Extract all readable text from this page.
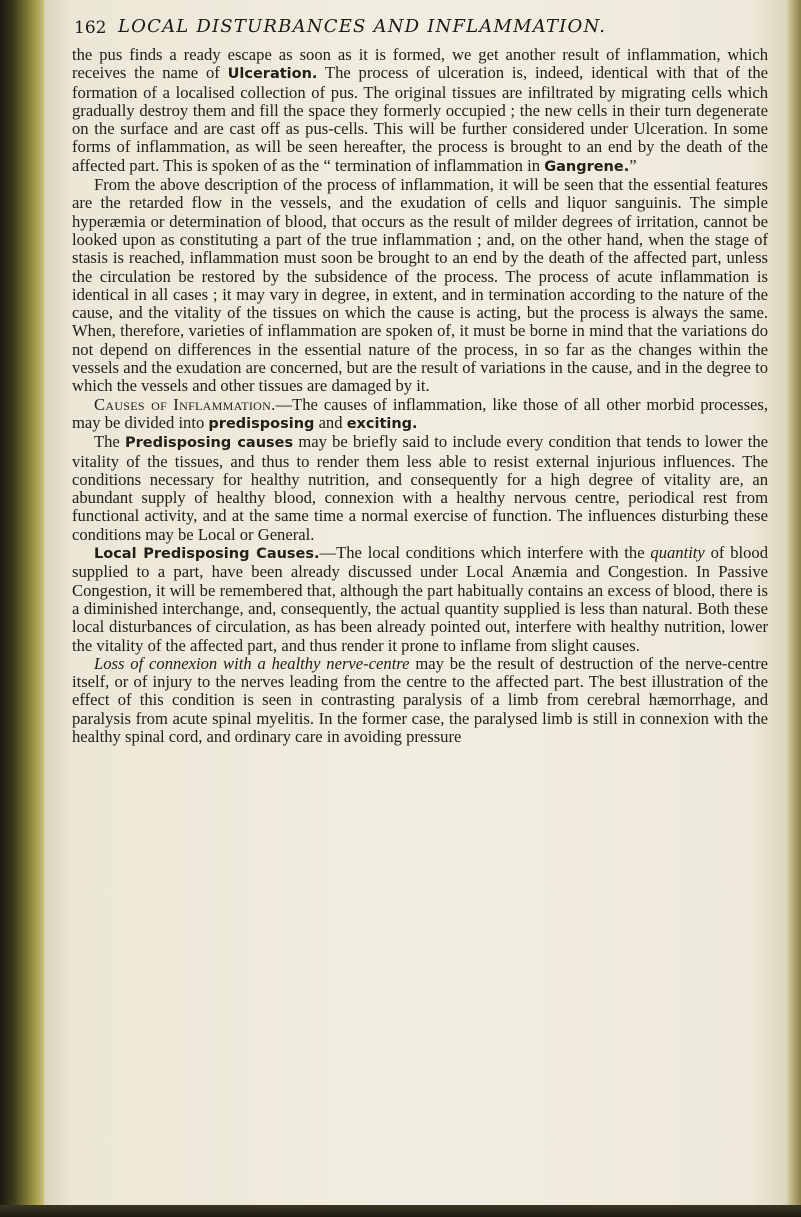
162 LOCAL DISTURBANCES AND INFLAMMATION.

the pus finds a ready escape as soon as it is formed, we get another result of inflammation, which receives the name of Ulceration. The process of ulceration is, indeed, identical with that of the formation of a localised collection of pus. The original tissues are infiltrated by migrating cells which gradually destroy them and fill the space they formerly occupied ; the new cells in their turn degenerate on the surface and are cast off as pus-cells. This will be further considered under Ulceration. In some forms of inflammation, as will be seen hereafter, the process is brought to an end by the death of the affected part. This is spoken of as the “ termination of inflammation in Gangrene.”

From the above description of the process of inflammation, it will be seen that the essential features are the retarded flow in the vessels, and the exudation of cells and liquor sanguinis. The simple hyperæmia or determination of blood, that occurs as the result of milder degrees of irritation, cannot be looked upon as constituting a part of the true inflammation ; and, on the other hand, when the stage of stasis is reached, inflammation must soon be brought to an end by the death of the affected part, unless the circulation be restored by the subsidence of the process. The process of acute inflammation is identical in all cases ; it may vary in degree, in extent, and in termination according to the nature of the cause, and the vitality of the tissues on which the cause is acting, but the process is always the same. When, therefore, varieties of inflammation are spoken of, it must be borne in mind that the variations do not depend on differences in the essential nature of the process, in so far as the changes within the vessels and the exudation are concerned, but are the result of variations in the cause, and in the degree to which the vessels and other tissues are damaged by it.

Causes of Inflammation.—The causes of inflammation, like those of all other morbid processes, may be divided into predisposing and exciting.

The Predisposing causes may be briefly said to include every condition that tends to lower the vitality of the tissues, and thus to render them less able to resist external injurious influences. The conditions necessary for healthy nutrition, and consequently for a high degree of vitality are, an abundant supply of healthy blood, connexion with a healthy nervous centre, periodical rest from functional activity, and at the same time a normal exercise of function. The influences disturbing these conditions may be Local or General.

Local Predisposing Causes.—The local conditions which interfere with the quantity of blood supplied to a part, have been already discussed under Local Anæmia and Congestion. In Passive Congestion, it will be remembered that, although the part habitually contains an excess of blood, there is a diminished interchange, and, consequently, the actual quantity supplied is less than natural. Both these local disturbances of circulation, as has been already pointed out, interfere with healthy nutrition, lower the vitality of the affected part, and thus render it prone to inflame from slight causes.

Loss of connexion with a healthy nerve-centre may be the result of destruction of the nerve-centre itself, or of injury to the nerves leading from the centre to the affected part. The best illustration of the effect of this condition is seen in contrasting paralysis of a limb from cerebral hæmorrhage, and paralysis from acute spinal myelitis. In the former case, the paralysed limb is still in connexion with the healthy spinal cord, and ordinary care in avoiding pressure
